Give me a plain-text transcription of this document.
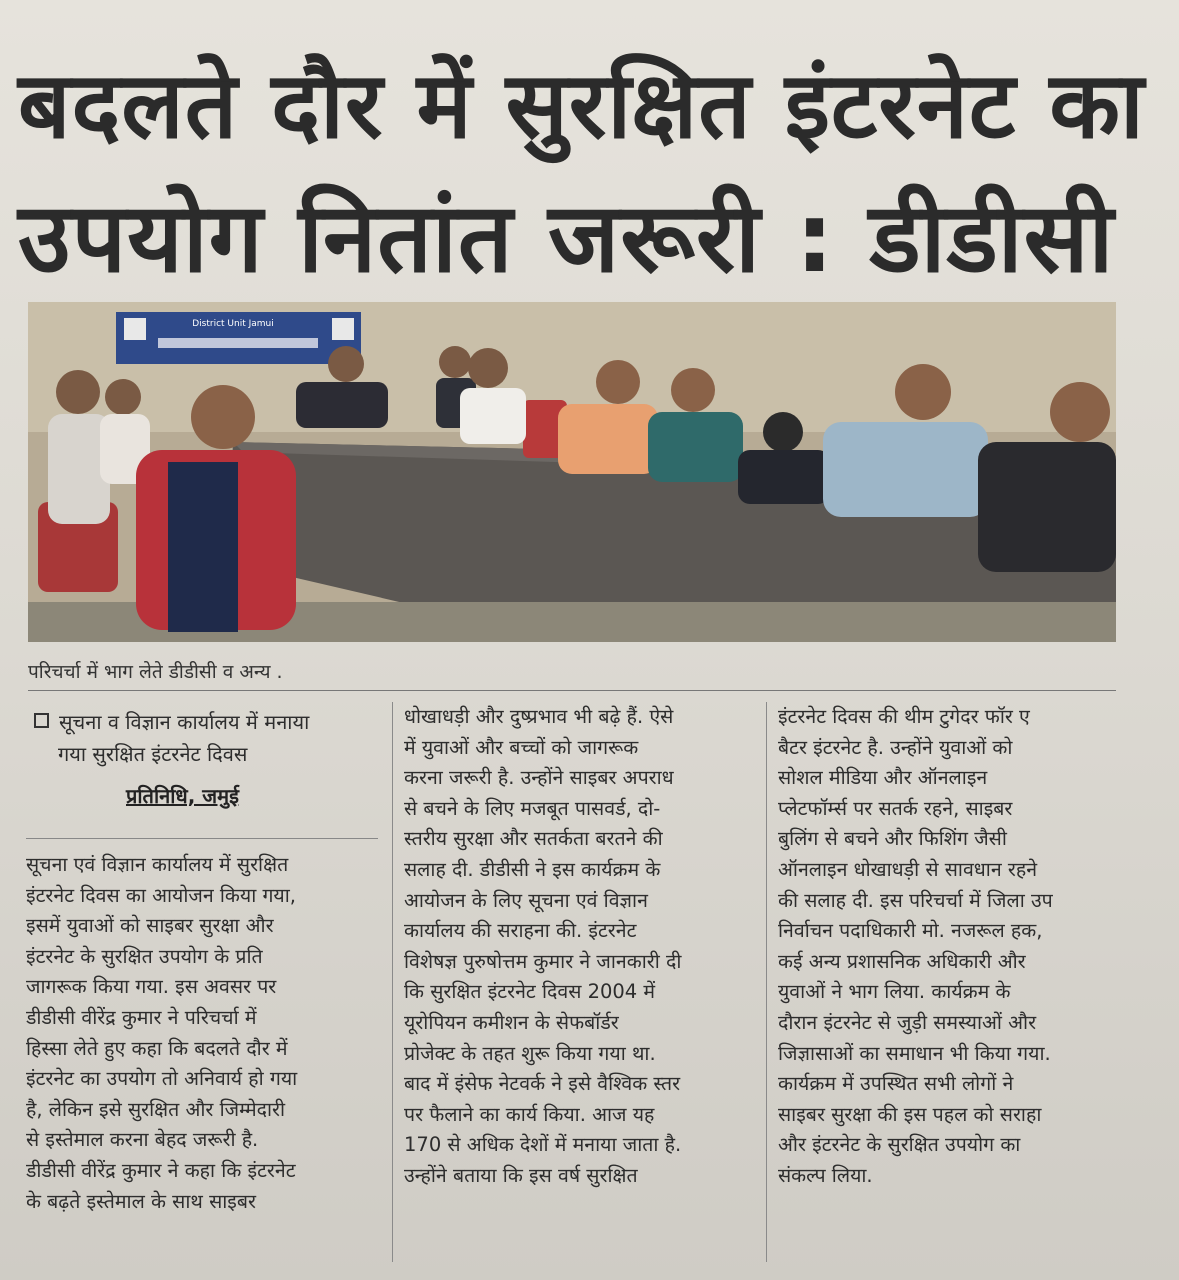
बदलते दौर में सुरक्षित इंटरनेट का
उपयोग नितांत जरूरी : डीडीसी
District Unit Jamui
परिचर्चा में भाग लेते डीडीसी व अन्य .
सूचना व विज्ञान कार्यालय में मनाया
गया सुरक्षित इंटरनेट दिवस
प्रतिनिधि, जमुई

सूचना एवं विज्ञान कार्यालय में सुरक्षित

इंटरनेट दिवस का आयोजन किया गया,

इसमें युवाओं को साइबर सुरक्षा और

इंटरनेट के सुरक्षित उपयोग के प्रति

जागरूक किया गया. इस अवसर पर

डीडीसी वीरेंद्र कुमार ने परिचर्चा में

हिस्सा लेते हुए कहा कि बदलते दौर में

इंटरनेट का उपयोग तो अनिवार्य हो गया

है, लेकिन इसे सुरक्षित और जिम्मेदारी

से इस्तेमाल करना बेहद जरूरी है.

डीडीसी वीरेंद्र कुमार ने कहा कि इंटरनेट

के बढ़ते इस्तेमाल के साथ साइबर

धोखाधड़ी और दुष्प्रभाव भी बढ़े हैं. ऐसे

में युवाओं और बच्चों को जागरूक

करना जरूरी है. उन्होंने साइबर अपराध

से बचने के लिए मजबूत पासवर्ड, दो-

स्तरीय सुरक्षा और सतर्कता बरतने की

सलाह दी. डीडीसी ने इस कार्यक्रम के

आयोजन के लिए सूचना एवं विज्ञान

कार्यालय की सराहना की. इंटरनेट

विशेषज्ञ पुरुषोत्तम कुमार ने जानकारी दी

कि सुरक्षित इंटरनेट दिवस 2004 में

यूरोपियन कमीशन के सेफबॉर्डर

प्रोजेक्ट के तहत शुरू किया गया था.

बाद में इंसेफ नेटवर्क ने इसे वैश्विक स्तर

पर फैलाने का कार्य किया. आज यह

170 से अधिक देशों में मनाया जाता है.

उन्होंने बताया कि इस वर्ष सुरक्षित

इंटरनेट दिवस की थीम टुगेदर फॉर ए

बैटर इंटरनेट है. उन्होंने युवाओं को

सोशल मीडिया और ऑनलाइन

प्लेटफॉर्म्स पर सतर्क रहने, साइबर

बुलिंग से बचने और फिशिंग जैसी

ऑनलाइन धोखाधड़ी से सावधान रहने

की सलाह दी. इस परिचर्चा में जिला उप

निर्वाचन पदाधिकारी मो. नजरूल हक,

कई अन्य प्रशासनिक अधिकारी और

युवाओं ने भाग लिया. कार्यक्रम के

दौरान इंटरनेट से जुड़ी समस्याओं और

जिज्ञासाओं का समाधान भी किया गया.

कार्यक्रम में उपस्थित सभी लोगों ने

साइबर सुरक्षा की इस पहल को सराहा

और इंटरनेट के सुरक्षित उपयोग का

संकल्प लिया.
